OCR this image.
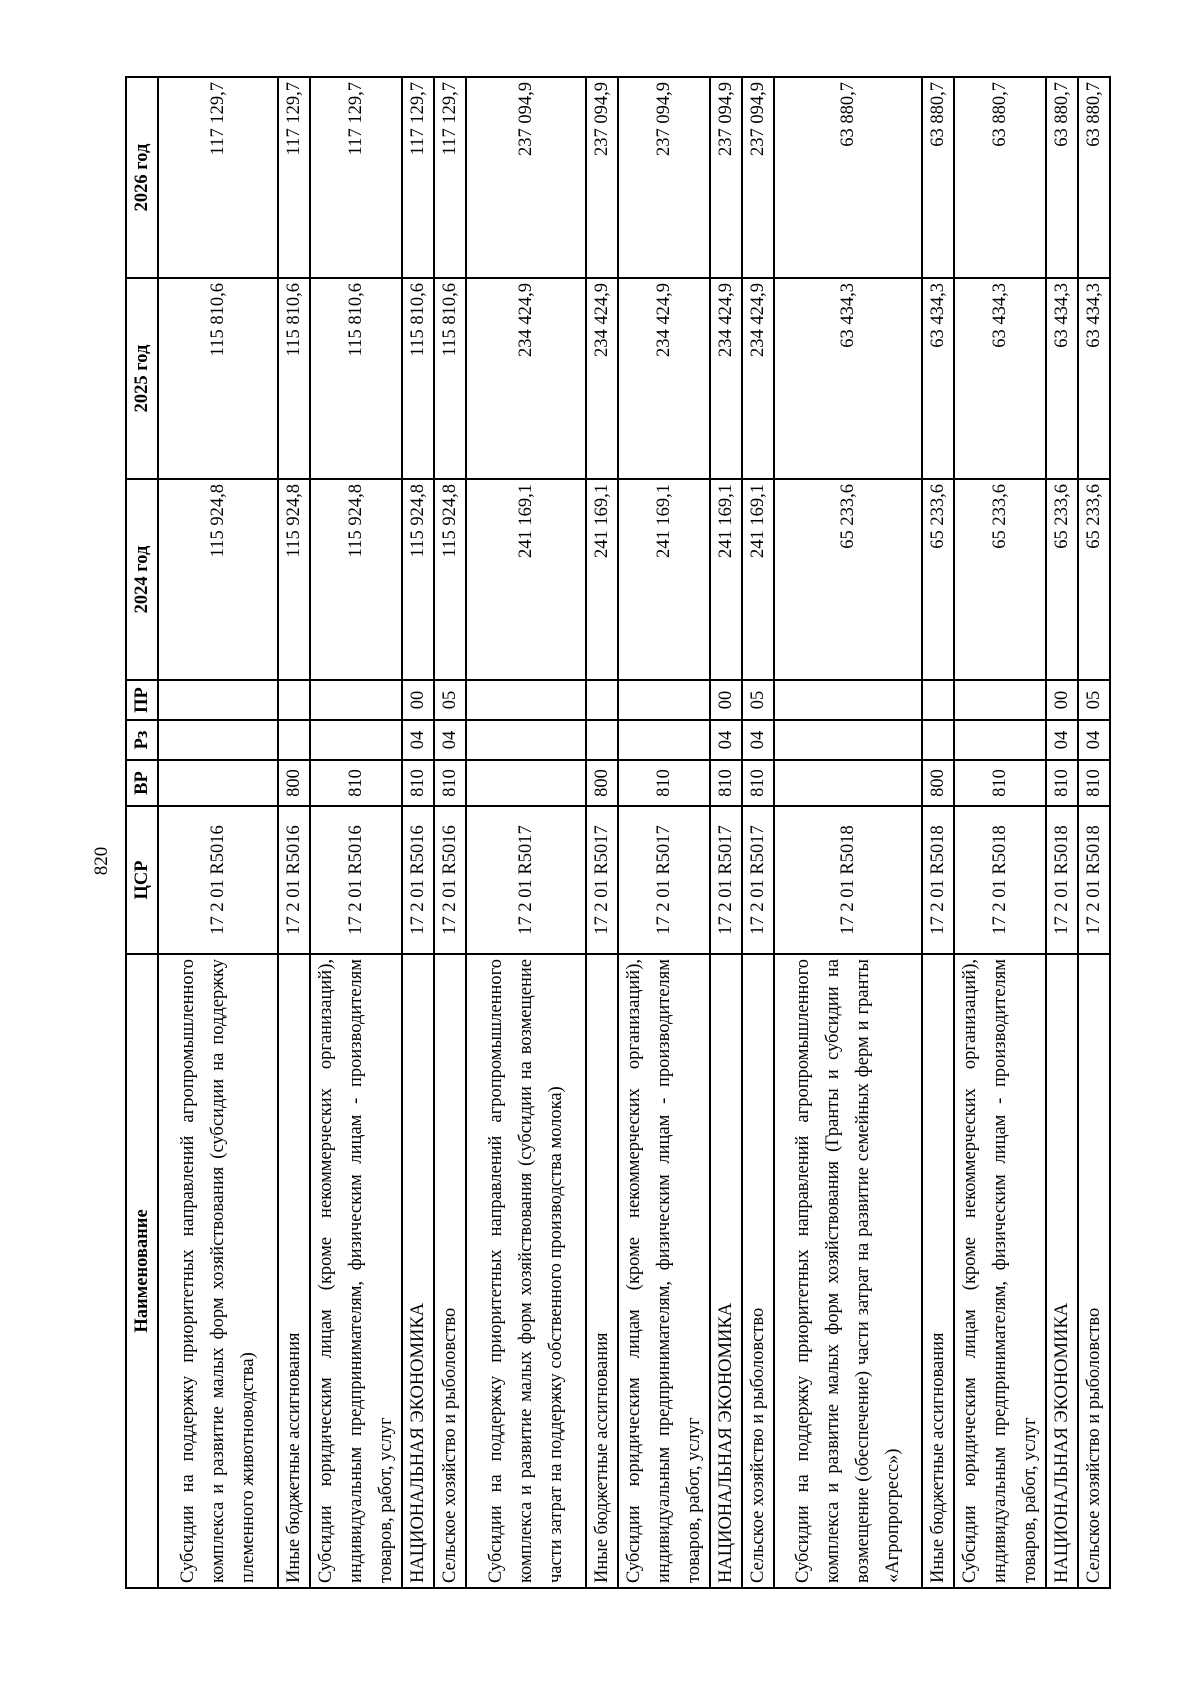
820
Наименование	ЦСР	ВР	Рз	ПР	2024 год	2025 год	2026 год
Субсидии на поддержку приоритетных направлений агропромышленного комплекса и развитие малых форм хозяйствования (субсидии на поддержку племенного животноводства)	17 2 01 R5016				115 924,8	115 810,6	117 129,7
Иные бюджетные ассигнования	17 2 01 R5016	800			115 924,8	115 810,6	117 129,7
Субсидии юридическим лицам (кроме некоммерческих организаций), индивидуальным предпринимателям, физическим лицам - производителям товаров, работ, услуг	17 2 01 R5016	810			115 924,8	115 810,6	117 129,7
НАЦИОНАЛЬНАЯ ЭКОНОМИКА	17 2 01 R5016	810	04	00	115 924,8	115 810,6	117 129,7
Сельское хозяйство и рыболовство	17 2 01 R5016	810	04	05	115 924,8	115 810,6	117 129,7
Субсидии на поддержку приоритетных направлений агропромышленного комплекса и развитие малых форм хозяйствования (субсидии на возмещение части затрат на поддержку собственного производства молока)	17 2 01 R5017				241 169,1	234 424,9	237 094,9
Иные бюджетные ассигнования	17 2 01 R5017	800			241 169,1	234 424,9	237 094,9
Субсидии юридическим лицам (кроме некоммерческих организаций), индивидуальным предпринимателям, физическим лицам - производителям товаров, работ, услуг	17 2 01 R5017	810			241 169,1	234 424,9	237 094,9
НАЦИОНАЛЬНАЯ ЭКОНОМИКА	17 2 01 R5017	810	04	00	241 169,1	234 424,9	237 094,9
Сельское хозяйство и рыболовство	17 2 01 R5017	810	04	05	241 169,1	234 424,9	237 094,9
Субсидии на поддержку приоритетных направлений агропромышленного комплекса и развитие малых форм хозяйствования (Гранты и субсидии на возмещение (обеспечение) части затрат на развитие семейных ферм и гранты «Агропрогресс»)	17 2 01 R5018				65 233,6	63 434,3	63 880,7
Иные бюджетные ассигнования	17 2 01 R5018	800			65 233,6	63 434,3	63 880,7
Субсидии юридическим лицам (кроме некоммерческих организаций), индивидуальным предпринимателям, физическим лицам - производителям товаров, работ, услуг	17 2 01 R5018	810			65 233,6	63 434,3	63 880,7
НАЦИОНАЛЬНАЯ ЭКОНОМИКА	17 2 01 R5018	810	04	00	65 233,6	63 434,3	63 880,7
Сельское хозяйство и рыболовство	17 2 01 R5018	810	04	05	65 233,6	63 434,3	63 880,7
